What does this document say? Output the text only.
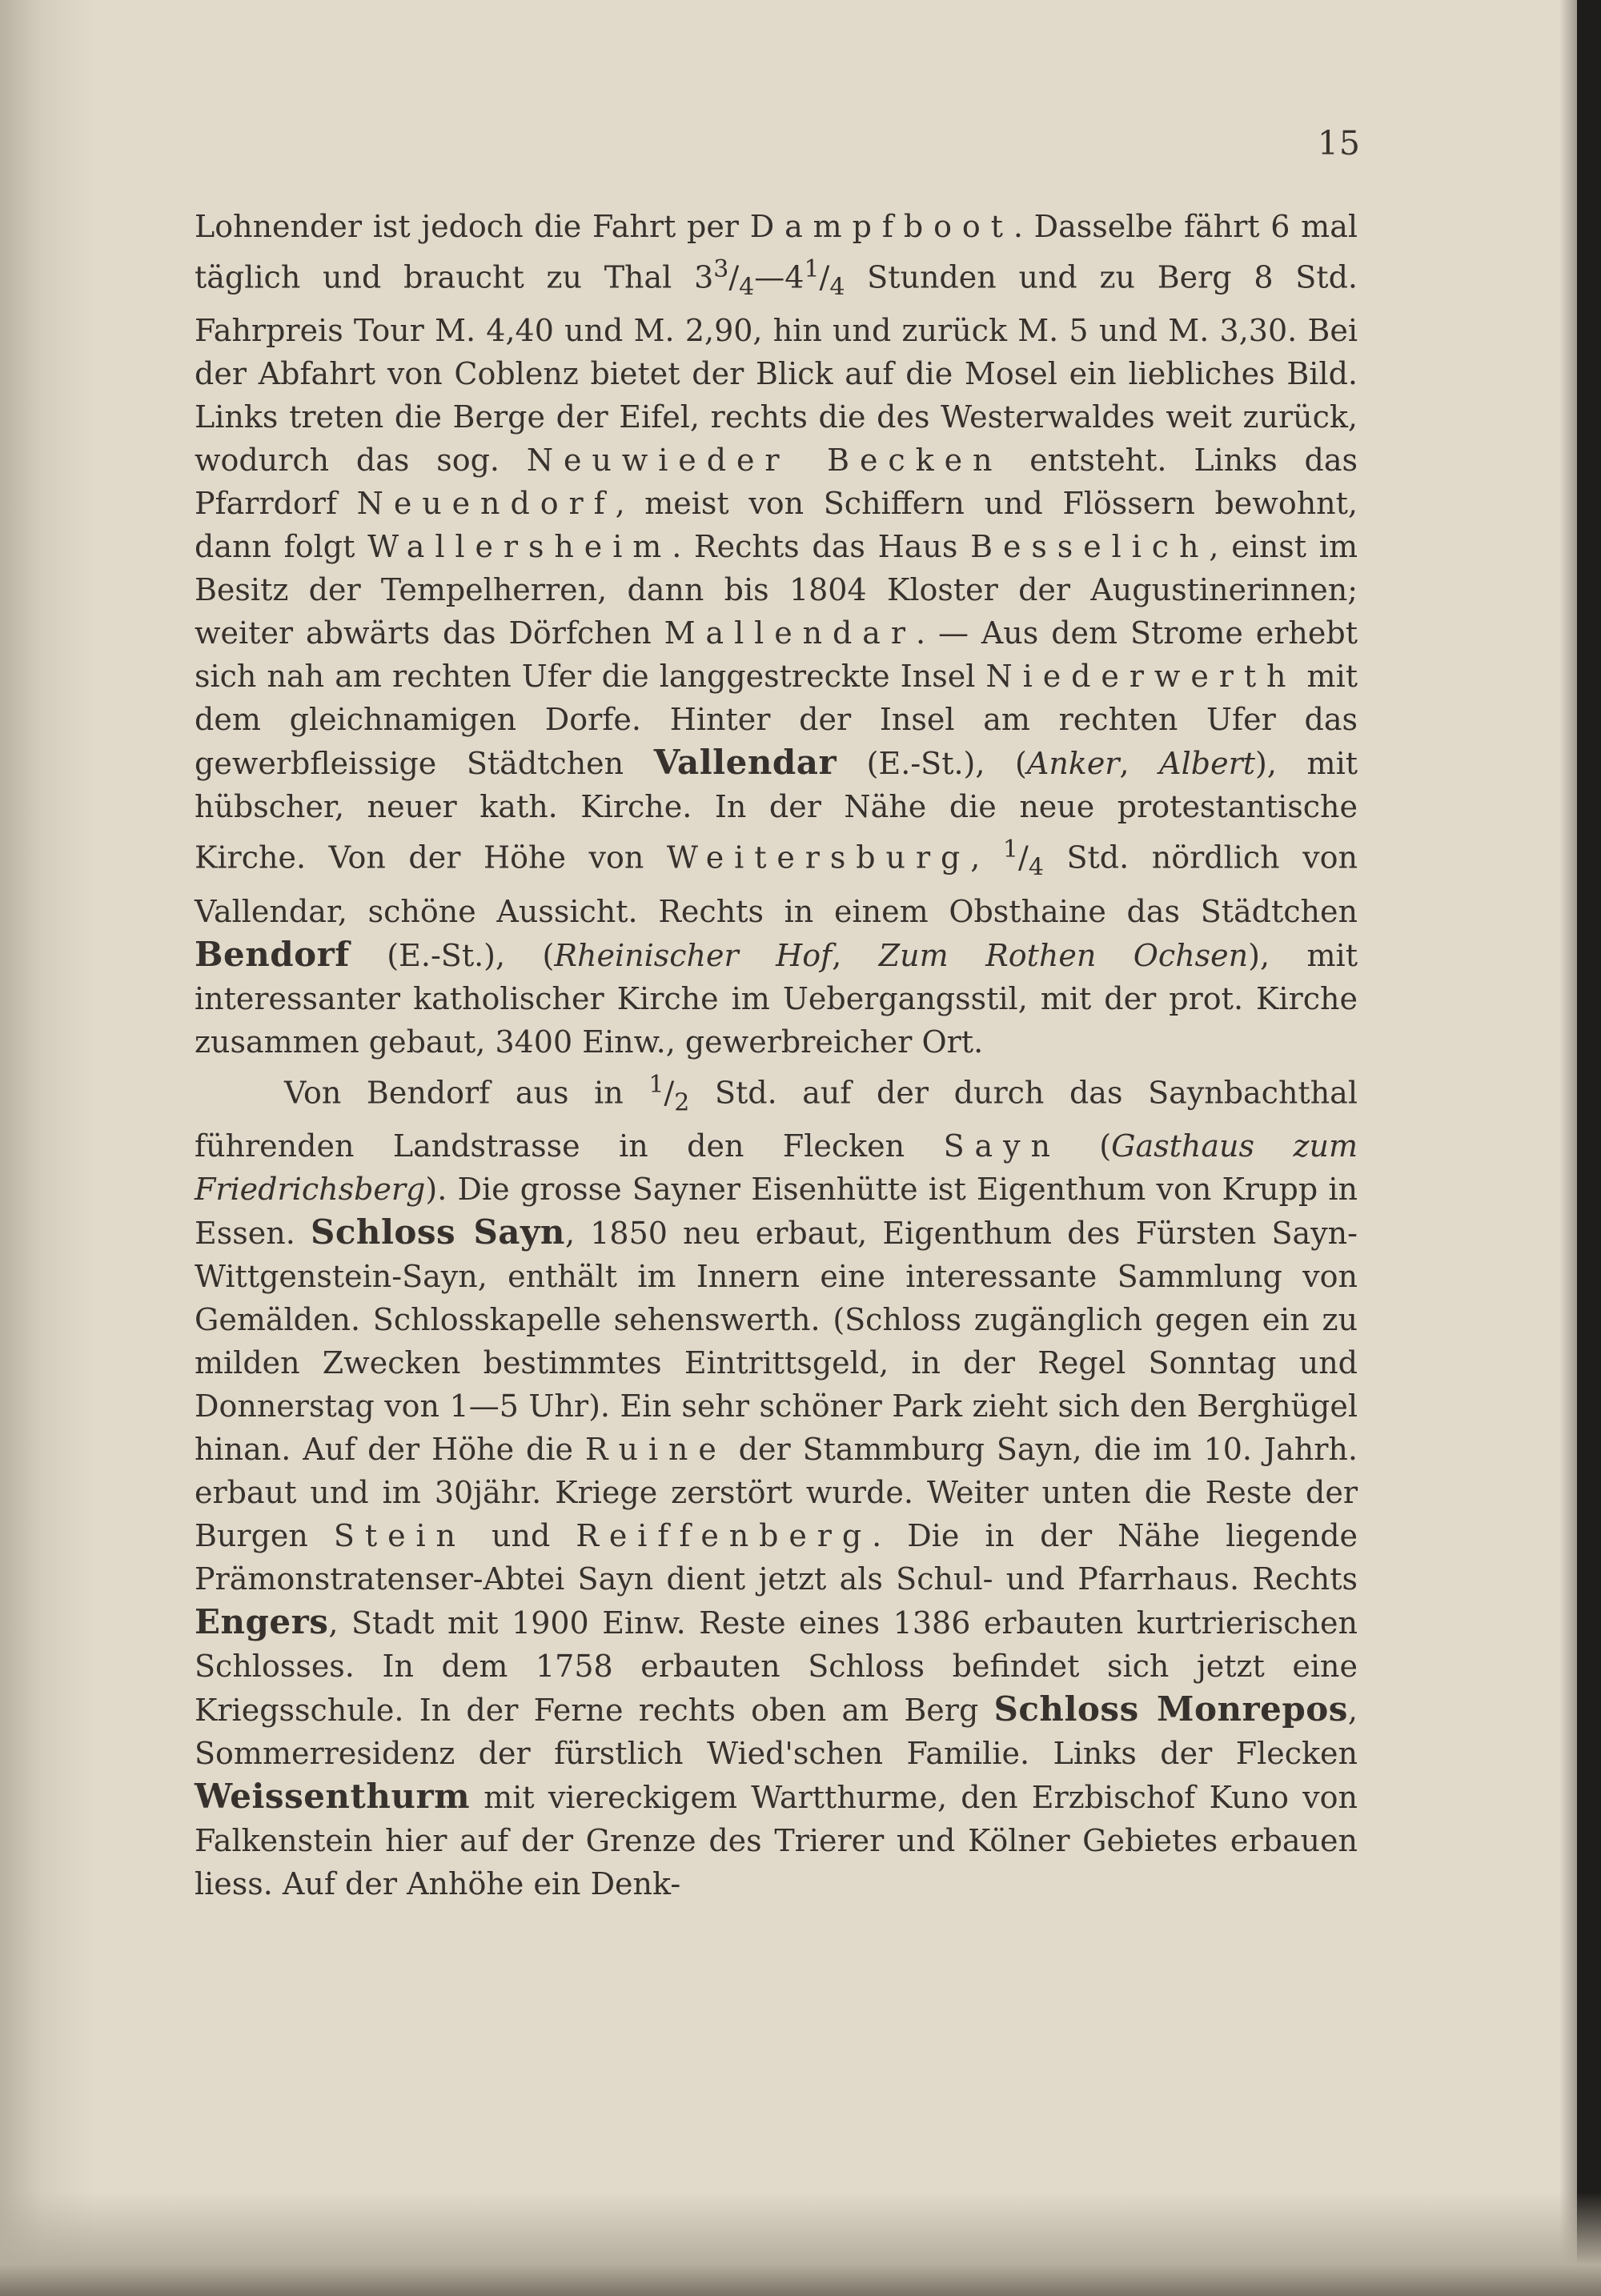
15

Lohnender ist jedoch die Fahrt per Dampfboot. Dasselbe fährt 6 mal täglich und braucht zu Thal $3^3/_4—4^1/_4$ Stunden und zu Berg 8 Std. Fahrpreis Tour M. 4,40 und M. 2,90, hin und zurück M. 5 und M. 3,30. Bei der Abfahrt von Coblenz bietet der Blick auf die Mosel ein liebliches Bild. Links treten die Berge der Eifel, rechts die des Westerwaldes weit zurück, wodurch das sog. Neuwieder Becken entsteht. Links das Pfarrdorf Neuendorf, meist von Schiffern und Flössern bewohnt, dann folgt Wallersheim. Rechts das Haus Besselich, einst im Besitz der Tempelherren, dann bis 1804 Kloster der Augustinerinnen; weiter abwärts das Dörfchen Mallendar. — Aus dem Strome erhebt sich nah am rechten Ufer die langgestreckte Insel Niederwerth mit dem gleichnamigen Dorfe. Hinter der Insel am rechten Ufer das gewerbfleissige Städtchen Vallendar (E.-St.), (Anker, Albert), mit hübscher, neuer kath. Kirche. In der Nähe die neue protestantische Kirche. Von der Höhe von Weitersburg, $^1/_4$ Std. nördlich von Vallendar, schöne Aussicht. Rechts in einem Obsthaine das Städtchen Bendorf (E.-St.), (Rheinischer Hof, Zum Rothen Ochsen), mit interessanter katholischer Kirche im Uebergangsstil, mit der prot. Kirche zusammen gebaut, 3400 Einw., gewerbreicher Ort.

Von Bendorf aus in $^1/_2$ Std. auf der durch das Saynbachthal führenden Landstrasse in den Flecken Sayn (Gasthaus zum Friedrichsberg). Die grosse Sayner Eisenhütte ist Eigenthum von Krupp in Essen. Schloss Sayn, 1850 neu erbaut, Eigenthum des Fürsten Sayn-Wittgenstein-Sayn, enthält im Innern eine interessante Sammlung von Gemälden. Schlosskapelle sehenswerth. (Schloss zugänglich gegen ein zu milden Zwecken bestimmtes Eintrittsgeld, in der Regel Sonntag und Donnerstag von 1—5 Uhr). Ein sehr schöner Park zieht sich den Berghügel hinan. Auf der Höhe die Ruine der Stammburg Sayn, die im 10. Jahrh. erbaut und im 30jähr. Kriege zerstört wurde. Weiter unten die Reste der Burgen Stein und Reiffenberg. Die in der Nähe liegende Prämonstratenser-Abtei Sayn dient jetzt als Schul- und Pfarrhaus. Rechts Engers, Stadt mit 1900 Einw. Reste eines 1386 erbauten kurtrierischen Schlosses. In dem 1758 erbauten Schloss befindet sich jetzt eine Kriegsschule. In der Ferne rechts oben am Berg Schloss Monrepos, Sommerresidenz der fürstlich Wied'schen Familie. Links der Flecken Weissenthurm mit viereckigem Wartthurme, den Erzbischof Kuno von Falkenstein hier auf der Grenze des Trierer und Kölner Gebietes erbauen liess. Auf der Anhöhe ein Denk-
